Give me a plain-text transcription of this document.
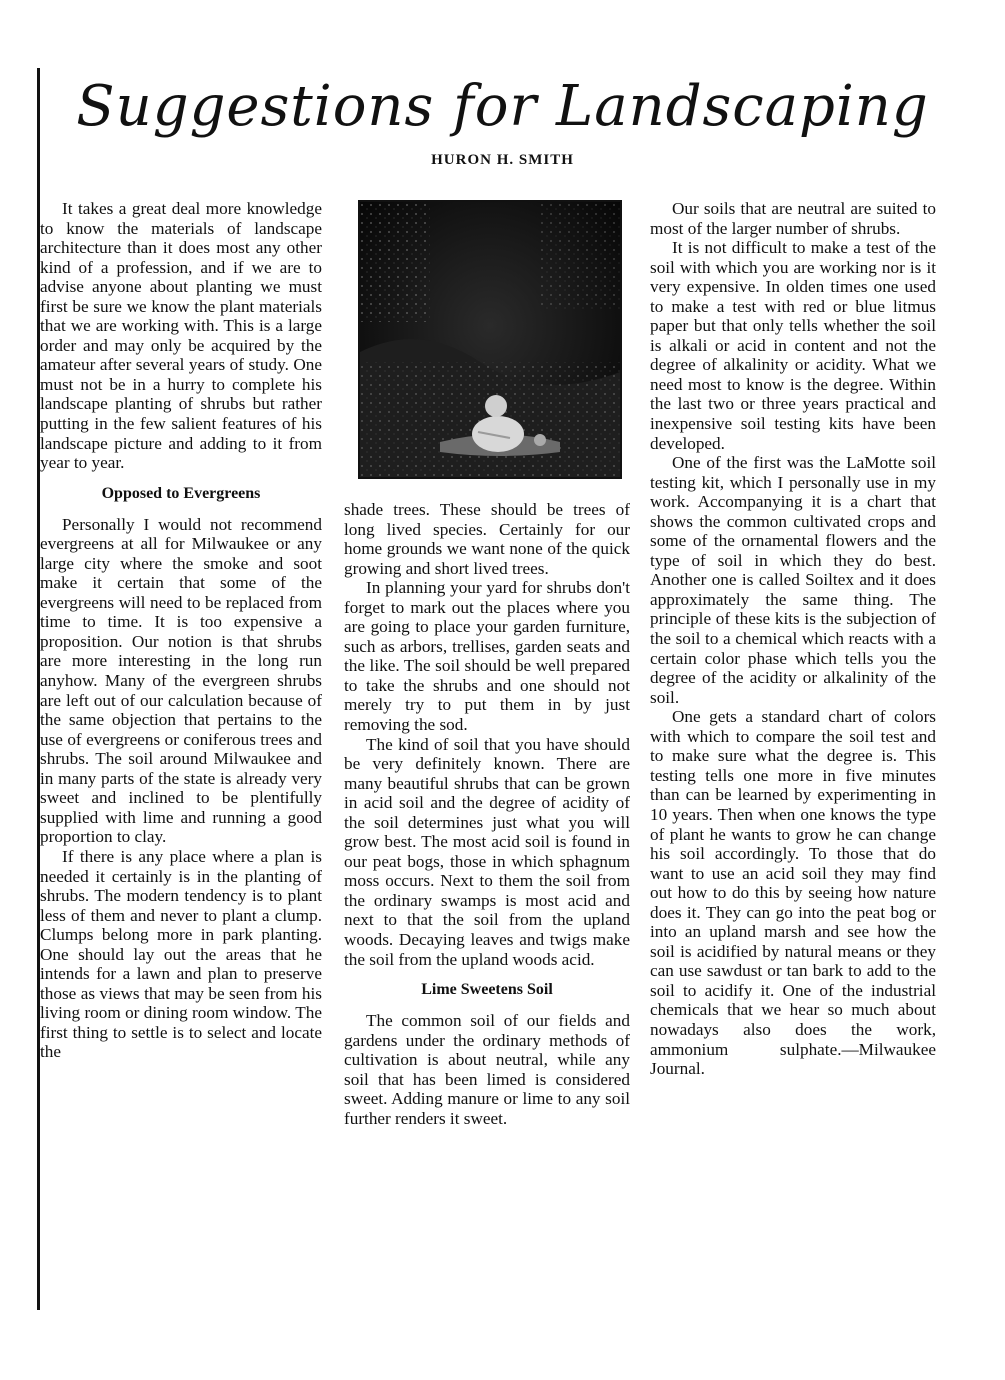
Suggestions for Landscaping
HURON H. SMITH

It takes a great deal more knowledge to know the materials of landscape architecture than it does most any other kind of a profession, and if we are to advise anyone about planting we must first be sure we know the plant materials that we are working with. This is a large order and may only be acquired by the amateur after several years of study. One must not be in a hurry to complete his landscape planting of shrubs but rather putting in the few salient features of his landscape picture and adding to it from year to year.

Opposed to Evergreens

Personally I would not recommend evergreens at all for Milwaukee or any large city where the smoke and soot make it certain that some of the evergreens will need to be replaced from time to time. It is too expensive a proposition. Our notion is that shrubs are more interesting in the long run anyhow. Many of the evergreen shrubs are left out of our calculation because of the same objection that pertains to the use of evergreens or coniferous trees and shrubs. The soil around Milwaukee and in many parts of the state is already very sweet and inclined to be plentifully supplied with lime and running a good proportion to clay.

If there is any place where a plan is needed it certainly is in the planting of shrubs. The modern tendency is to plant less of them and never to plant a clump. Clumps belong more in park planting. One should lay out the areas that he intends for a lawn and plan to preserve those as views that may be seen from his living room or dining room window. The first thing to settle is to select and locate the

shade trees. These should be trees of long lived species. Certainly for our home grounds we want none of the quick growing and short lived trees.

In planning your yard for shrubs don't forget to mark out the places where you are going to place your garden furniture, such as arbors, trellises, garden seats and the like. The soil should be well prepared to take the shrubs and one should not merely try to put them in by just removing the sod.

The kind of soil that you have should be very definitely known. There are many beautiful shrubs that can be grown in acid soil and the degree of acidity of the soil determines just what you will grow best. The most acid soil is found in our peat bogs, those in which sphagnum moss occurs. Next to them the soil from the ordinary swamps is most acid and next to that the soil from the upland woods. Decaying leaves and twigs make the soil from the upland woods acid.

Lime Sweetens Soil

The common soil of our fields and gardens under the ordinary methods of cultivation is about neutral, while any soil that has been limed is considered sweet. Adding manure or lime to any soil further renders it sweet.

Our soils that are neutral are suited to most of the larger number of shrubs.

It is not difficult to make a test of the soil with which you are working nor is it very expensive. In olden times one used to make a test with red or blue litmus paper but that only tells whether the soil is alkali or acid in content and not the degree of alkalinity or acidity. What we need most to know is the degree. Within the last two or three years practical and inexpensive soil testing kits have been developed.

One of the first was the LaMotte soil testing kit, which I personally use in my work. Accompanying it is a chart that shows the common cultivated crops and some of the ornamental flowers and the type of soil in which they do best. Another one is called Soiltex and it does approximately the same thing. The principle of these kits is the subjection of the soil to a chemical which reacts with a certain color phase which tells you the degree of the acidity or alkalinity of the soil.

One gets a standard chart of colors with which to compare the soil test and to make sure what the degree is. This testing tells one more in five minutes than can be learned by experimenting in 10 years. Then when one knows the type of plant he wants to grow he can change his soil accordingly. To those that do want to use an acid soil they may find out how to do this by seeing how nature does it. They can go into the peat bog or into an upland marsh and see how the soil is acidified by natural means or they can use sawdust or tan bark to add to the soil to acidify it. One of the industrial chemicals that we hear so much about nowadays also does the work, ammonium sulphate.—Milwaukee Journal.
